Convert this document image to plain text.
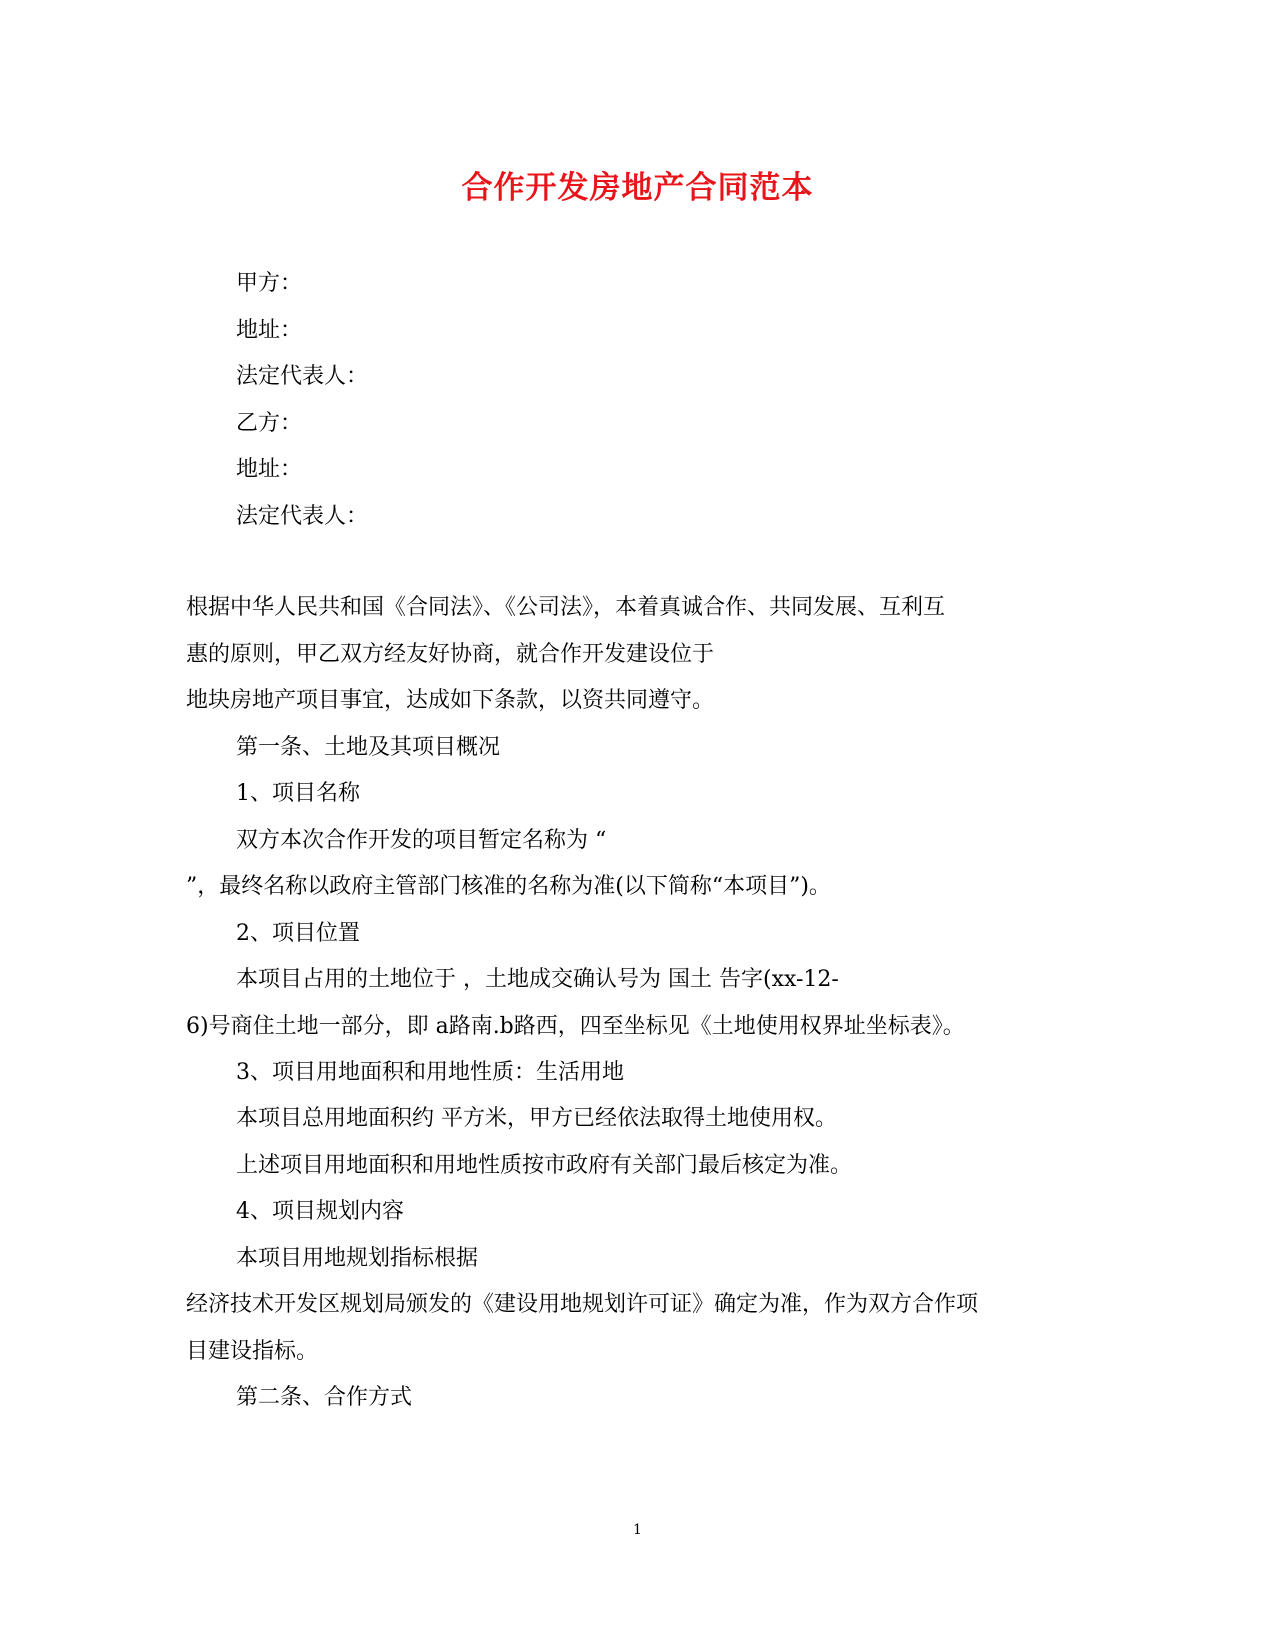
合作开发房地产合同范本

甲方：

地址：

法定代表人：

乙方：

地址：

法定代表人：

根据中华人民共和国《合同法》、《公司法》，本着真诚合作、共同发展、互利互

惠的原则，甲乙双方经友好协商，就合作开发建设位于

地块房地产项目事宜，达成如下条款，以资共同遵守。

第一条、土地及其项目概况

1、项目名称

双方本次合作开发的项目暂定名称为 “

”，最终名称以政府主管部门核准的名称为准(以下简称“本项目”)。

2、项目位置

本项目占用的土地位于 ，土地成交确认号为 国土 告字(xx-12-

6)号商住土地一部分，即 a路南.b路西，四至坐标见《土地使用权界址坐标表》。

3、项目用地面积和用地性质：生活用地

本项目总用地面积约 平方米，甲方已经依法取得土地使用权。

上述项目用地面积和用地性质按市政府有关部门最后核定为准。

4、项目规划内容

本项目用地规划指标根据

经济技术开发区规划局颁发的《建设用地规划许可证》确定为准，作为双方合作项

目建设指标。

第二条、合作方式

1
